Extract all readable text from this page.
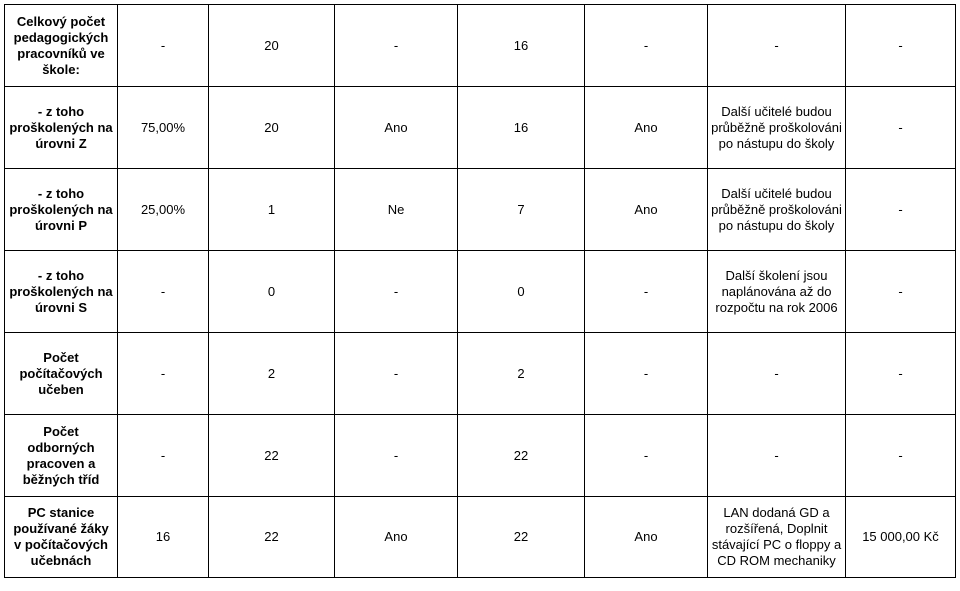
Celkový počet pedagogických pracovníků ve škole:	-	20	-	16	-	-	-
- z toho proškolených na úrovni Z	75,00%	20	Ano	16	Ano	Další učitelé budou průběžně proškolováni po nástupu do školy	-
- z toho proškolených na úrovni P	25,00%	1	Ne	7	Ano	Další učitelé budou průběžně proškolováni po nástupu do školy	-
- z toho proškolených na úrovni S	-	0	-	0	-	Další školení jsou naplánována až do rozpočtu na rok 2006	-
Počet počítačových učeben	-	2	-	2	-	-	-
Počet odborných pracoven a běžných tříd	-	22	-	22	-	-	-
PC stanice používané žáky v počítačových učebnách	16	22	Ano	22	Ano	LAN dodaná GD a rozšířená, Doplnit stávající PC o floppy a CD ROM mechaniky	15 000,00 Kč
